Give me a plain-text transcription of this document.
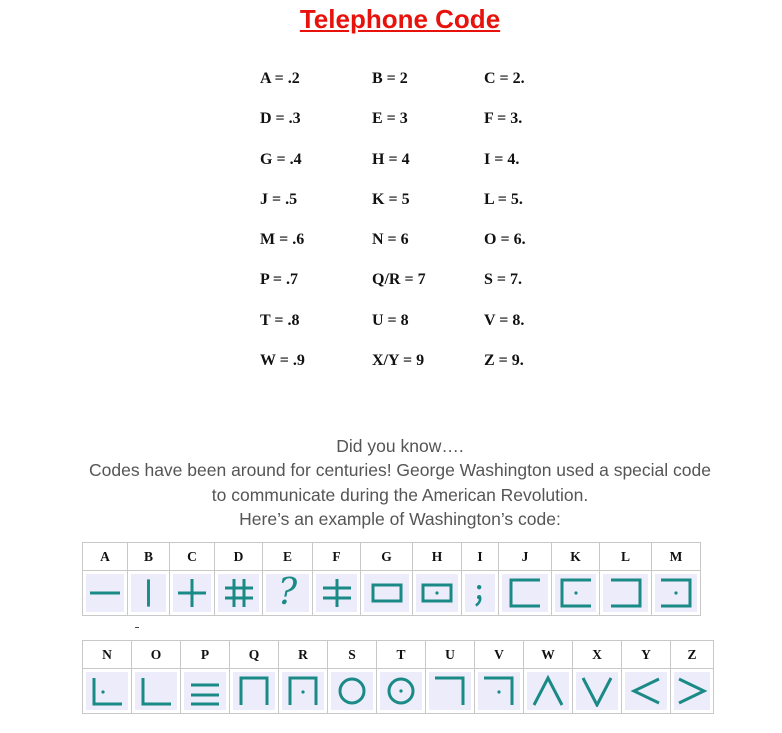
Telephone Code
A = .2	B = 2	C = 2.
D = .3	E = 3	F = 3.
G = .4	H = 4	I = 4.
J = .5	K = 5	L = 5.
M = .6	N = 6	O = 6.
P = .7	Q/R = 7	S = 7.
T = .8	U = 8	V = 8.
W = .9	X/Y = 9	Z = 9.
Did you know….
Codes have been around for centuries! George Washington used a special code
to communicate during the American Revolution.
Here’s an example of Washington’s code:
A	B	C	D	E	F	G	H	I	J	K	L	M

?

N	O	P	Q	R	S	T	U	V	W	X	Y	Z
